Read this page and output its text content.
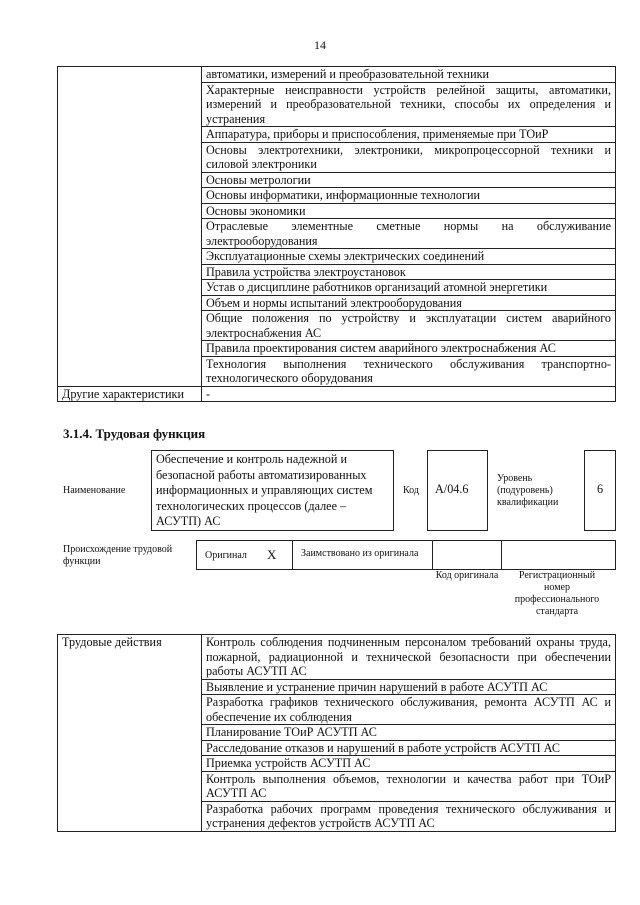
14
	автоматики, измерений и преобразовательной техники
	Характерные неисправности устройств релейной защиты, автоматики, измерений и преобразовательной техники, способы их определения и устранения
	Аппаратура, приборы и приспособления, применяемые при ТОиР
	Основы электротехники, электроники, микропроцессорной техники и силовой электроники
	Основы метрологии
	Основы информатики, информационные технологии
	Основы экономики
	Отраслевые элементные сметные нормы на обслуживание электрооборудования
	Эксплуатационные схемы электрических соединений
	Правила устройства электроустановок
	Устав о дисциплине работников организаций атомной энергетики
	Объем и нормы испытаний электрооборудования
	Общие положения по устройству и эксплуатации систем аварийного электроснабжения АС
	Правила проектирования систем аварийного электроснабжения АС
	Технология выполнения технического обслуживания транспортно-технологического оборудования
Другие характеристики	-
3.1.4. Трудовая функция
Наименование
Обеспечение и контроль надежной и безопасной работы автоматизированных информационных и управляющих систем технологических процессов (далее – АСУТП) АС
Код	А/04.6
Уровень (подуровень) квалификации
6
Происхождение трудовой функции
Оригинал X	Заимствовано из оригинала
Код оригинала	Регистрационный номер профессионального стандарта
Трудовые действия	Контроль соблюдения подчиненным персоналом требований охраны труда, пожарной, радиационной и технической безопасности при обеспечении работы АСУТП АС
Выявление и устранение причин нарушений в работе АСУТП АС
Разработка графиков технического обслуживания, ремонта АСУТП АС и обеспечение их соблюдения
Планирование ТОиР АСУТП АС
Расследование отказов и нарушений в работе устройств АСУТП АС
Приемка устройств АСУТП АС
Контроль выполнения объемов, технологии и качества работ при ТОиР АСУТП АС
Разработка рабочих программ проведения технического обслуживания и устранения дефектов устройств АСУТП АС
